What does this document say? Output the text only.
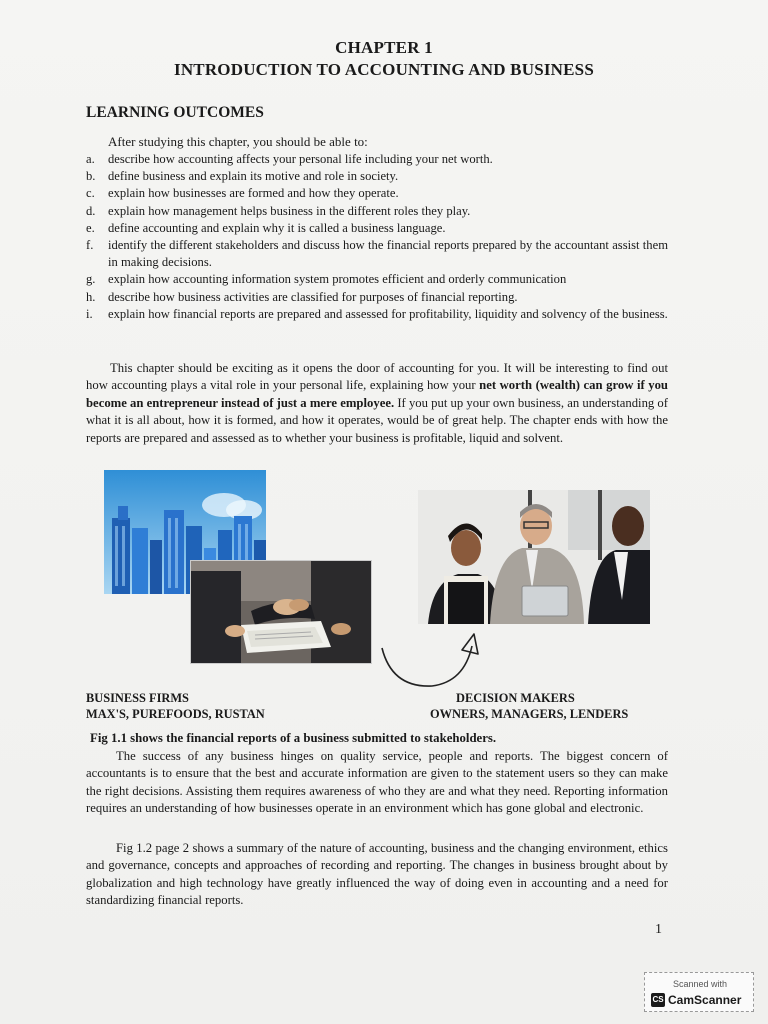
CHAPTER 1
INTRODUCTION TO ACCOUNTING AND BUSINESS
LEARNING OUTCOMES
After studying this chapter, you should be able to:
a.	describe how accounting affects your personal life including your net worth.
b. define business and explain its motive and role in society.
c.	explain how businesses are formed and how they operate.
d. explain how management helps business in the different roles they play.
e.	define accounting and explain why it is called a business language.
f.	identify the different stakeholders and discuss how the financial reports prepared by the accountant assist them in making decisions.
g. explain how accounting information system promotes efficient and orderly communication
h. describe how business activities are classified for purposes of financial reporting.
i.	explain how financial reports are prepared and assessed for profitability, liquidity and solvency of the business.
This chapter should be exciting as it opens the door of accounting for you. It will be interesting to find out how accounting plays a vital role in your personal life, explaining how your net worth (wealth) can grow if you become an entrepreneur instead of just a mere employee. If you put up your own business, an understanding of what it is all about, how it is formed, and how it operates, would be of great help. The chapter ends with how the reports are prepared and assessed as to whether your business is profitable, liquid and solvent.
BUSINESS FIRMS
MAX'S, PUREFOODS, RUSTAN
DECISION MAKERS
OWNERS, MANAGERS, LENDERS
Fig 1.1 shows the financial reports of a business submitted to stakeholders.
The success of any business hinges on quality service, people and reports. The biggest concern of accountants is to ensure that the best and accurate information are given to the statement users so they can make the right decisions. Assisting them requires awareness of who they are and what they need. Reporting information requires an understanding of how businesses operate in an environment which has gone global and electronic.
Fig 1.2 page 2 shows a summary of the nature of accounting, business and the changing environment, ethics and governance, concepts and approaches of recording and reporting. The changes in business brought about by globalization and high technology have greatly influenced the way of doing even in accounting and a need for standardizing financial reports.
1
Scanned with
CS CamScanner
